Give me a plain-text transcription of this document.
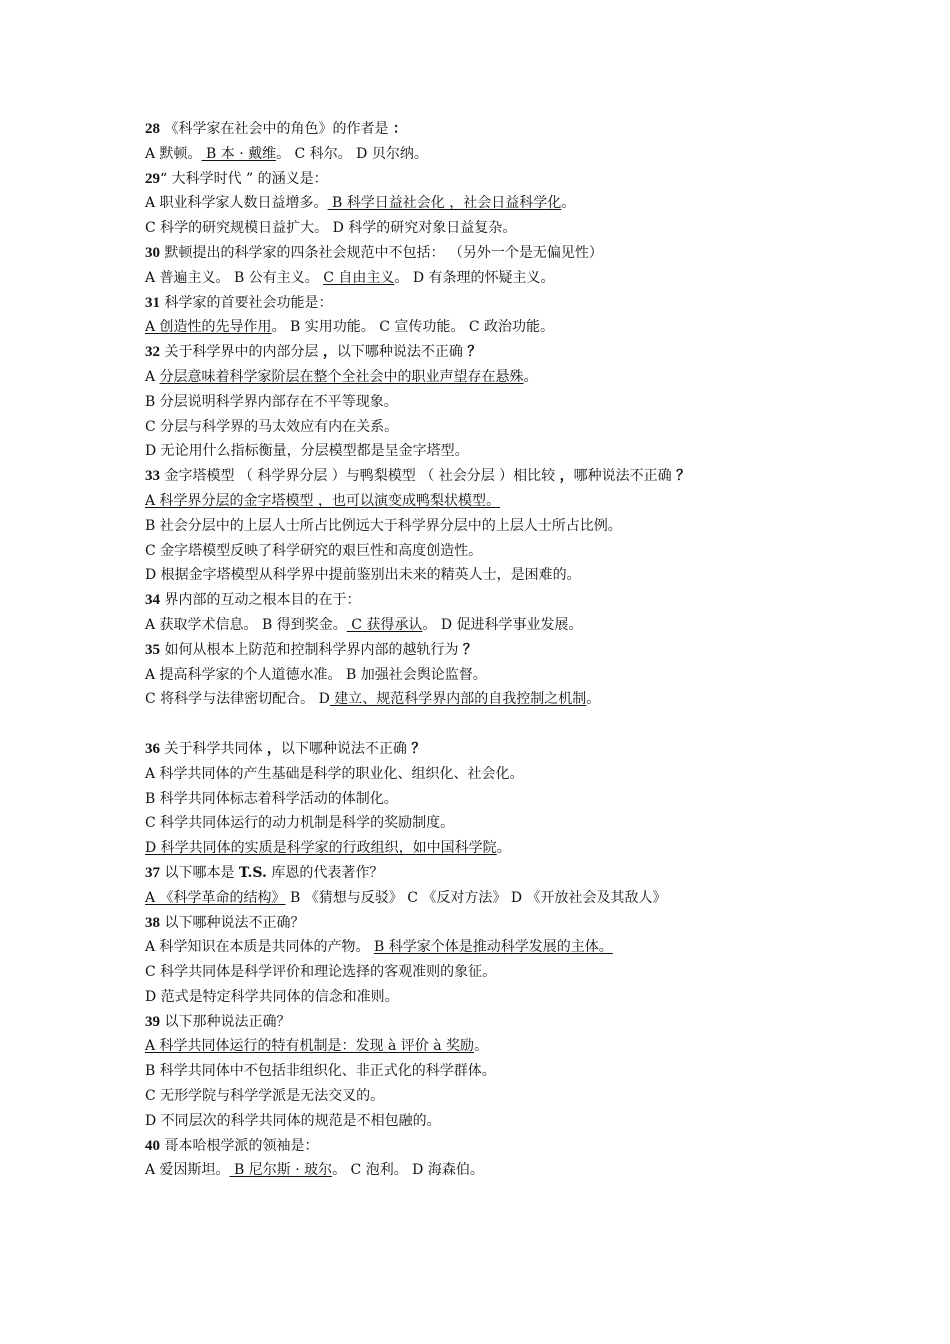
28 《科学家在社会中的角色》的作者是 ：
A 默顿。 B 本 · 戴维。 C 科尔。 D 贝尔纳。
29“ 大科学时代 ” 的涵义是：
A 职业科学家人数日益增多。 B 科学日益社会化 ，社会日益科学化。
C 科学的研究规模日益扩大。 D 科学的研究对象日益复杂。
30 默顿提出的科学家的四条社会规范中不包括： （另外一个是无偏见性）
A 普遍主义。 B 公有主义。 C 自由主义。 D 有条理的怀疑主义。
31 科学家的首要社会功能是：
A 创造性的先导作用。 B 实用功能。 C 宣传功能。 C 政治功能。
32 关于科学界中的内部分层 ，以下哪种说法不正确 ？
A 分层意味着科学家阶层在整个全社会中的职业声望存在悬殊。
B 分层说明科学界内部存在不平等现象。
C 分层与科学界的马太效应有内在关系。
D 无论用什么指标衡量，分层模型都是呈金字塔型。
33 金字塔模型 （ 科学界分层 ）与鸭梨模型 （ 社会分层 ）相比较 ，哪种说法不正确 ？
A 科学界分层的金字塔模型 ，也可以演变成鸭梨状模型。
B 社会分层中的上层人士所占比例远大于科学界分层中的上层人士所占比例。
C 金字塔模型反映了科学研究的艰巨性和高度创造性。
D 根据金字塔模型从科学界中提前鉴别出未来的精英人士，是困难的。
34 界内部的互动之根本目的在于：
A 获取学术信息。 B 得到奖金。 C 获得承认。 D 促进科学事业发展。
35 如何从根本上防范和控制科学界内部的越轨行为 ？
A 提高科学家的个人道德水准。 B 加强社会舆论监督。
C 将科学与法律密切配合。 D 建立、规范科学界内部的自我控制之机制。
36 关于科学共同体 ，以下哪种说法不正确 ？
A 科学共同体的产生基础是科学的职业化、组织化、社会化。
B 科学共同体标志着科学活动的体制化。
C 科学共同体运行的动力机制是科学的奖励制度。
D 科学共同体的实质是科学家的行政组织，如中国科学院。
37 以下哪本是 T.S. 库恩的代表著作？
A 《科学革命的结构》 B 《猜想与反驳》 C 《反对方法》 D 《开放社会及其敌人》
38 以下哪种说法不正确？
A 科学知识在本质是共同体的产物。 B 科学家个体是推动科学发展的主体。
C 科学共同体是科学评价和理论选择的客观准则的象征。
D 范式是特定科学共同体的信念和准则。
39 以下那种说法正确？
A 科学共同体运行的特有机制是：发现 à 评价 à 奖励。
B 科学共同体中不包括非组织化、非正式化的科学群体。
C 无形学院与科学学派是无法交叉的。
D 不同层次的科学共同体的规范是不相包融的。
40 哥本哈根学派的领袖是：
A 爱因斯坦。 B 尼尔斯 · 玻尔。 C 泡利。 D 海森伯。
